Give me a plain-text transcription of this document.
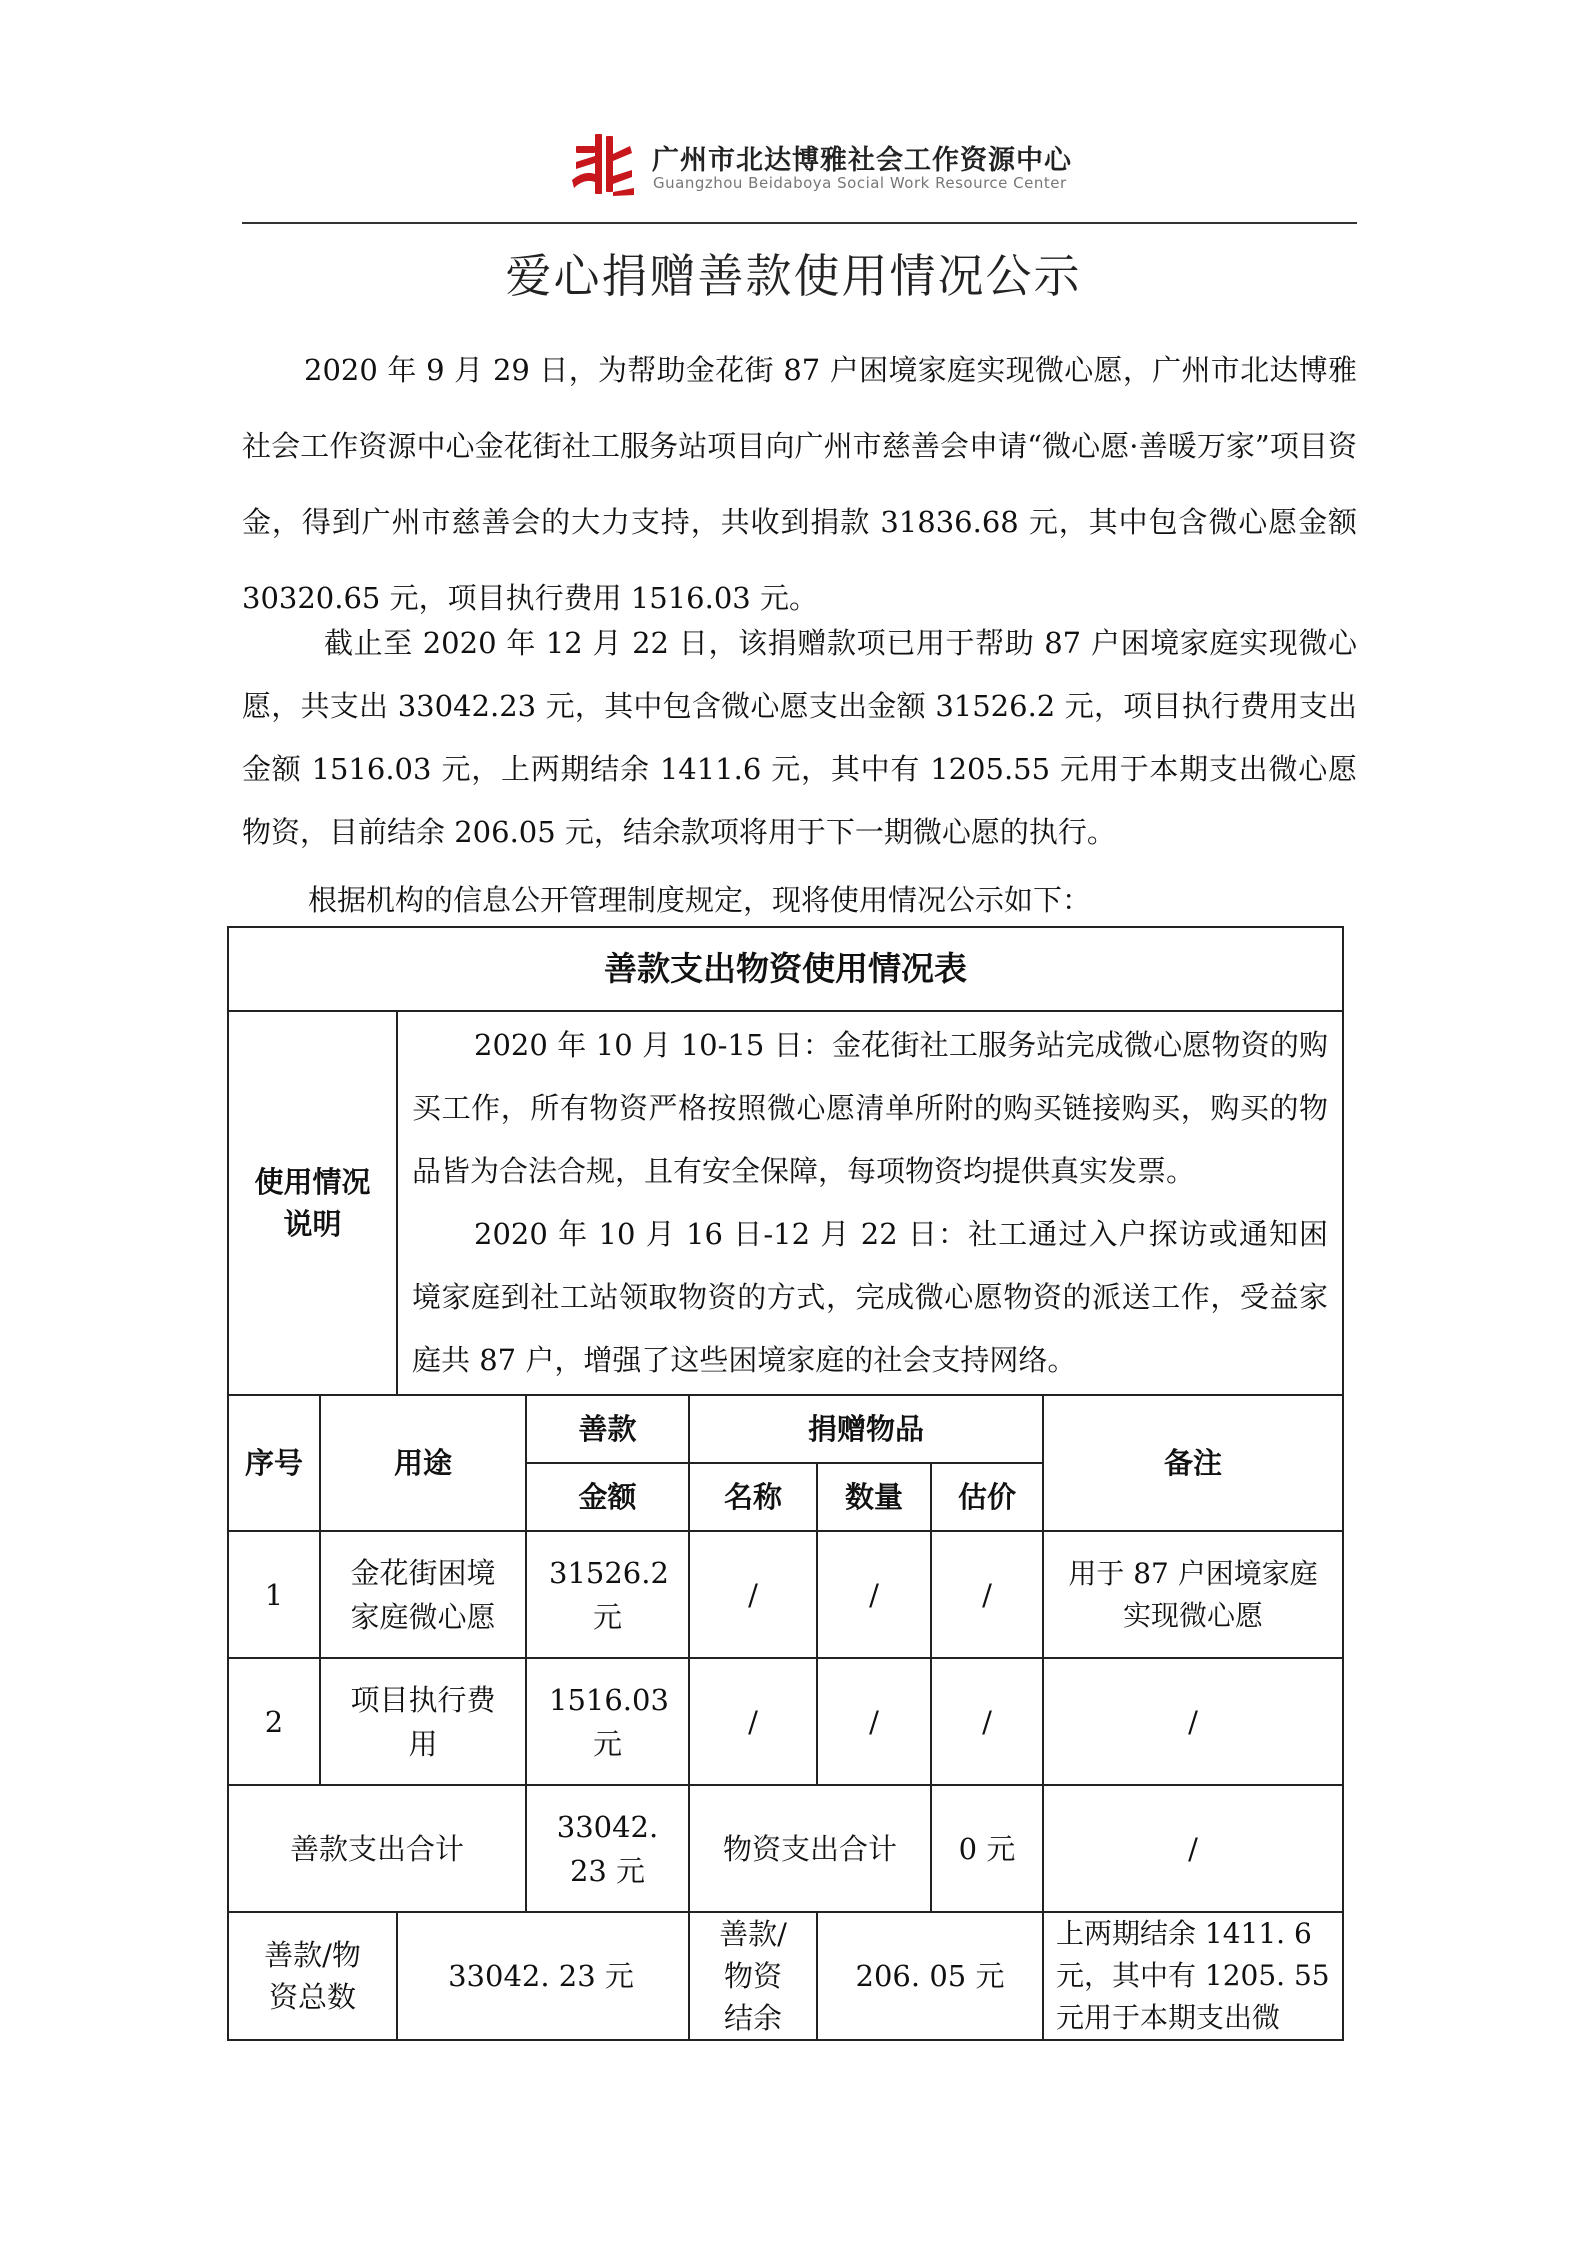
广州市北达博雅社会工作资源中心
Guangzhou Beidaboya Social Work Resource Center
爱心捐赠善款使用情况公示
2020 年 9 月 29 日，为帮助金花街 87 户困境家庭实现微心愿，广州市北达博雅社会工作资源中心金花街社工服务站项目向广州市慈善会申请“微心愿·善暖万家”项目资金，得到广州市慈善会的大力支持，共收到捐款 31836.68 元，其中包含微心愿金额 30320.65 元，项目执行费用 1516.03 元。
截止至 2020 年 12 月 22 日，该捐赠款项已用于帮助 87 户困境家庭实现微心愿，共支出 33042.23 元，其中包含微心愿支出金额 31526.2 元，项目执行费用支出金额 1516.03 元，上两期结余 1411.6 元，其中有 1205.55 元用于本期支出微心愿物资，目前结余 206.05 元，结余款项将用于下一期微心愿的执行。
根据机构的信息公开管理制度规定，现将使用情况公示如下：
善款支出物资使用情况表							
使用情况说明		2020 年 10 月 10-15 日：金花街社工服务站完成微心愿物资的购买工作，所有物资严格按照微心愿清单所附的购买链接购买，购买的物品皆为合法合规，且有安全保障，每项物资均提供真实发票。

2020 年 10 月 16 日-12 月 22 日：社工通过入户探访或通知困境家庭到社工站领取物资的方式，完成微心愿物资的派送工作，受益家庭共 87 户，增强了这些困境家庭的社会支持网络。					

序号	用途		善款	捐赠物品			备注
			金额	名称	数量	估价	
1	金花街困境家庭微心愿		31526.2 元	/	/	/	用于 87 户困境家庭实现微心愿
2	项目执行费用		1516.03 元	/	/	/	/
善款支出合计			33042. 23 元	物资支出合计		0 元	/
善款/物资总数		33042. 23 元		善款/物资结余	206. 05 元		上两期结余 1411. 6 元，其中有 1205. 55 元用于本期支出微
